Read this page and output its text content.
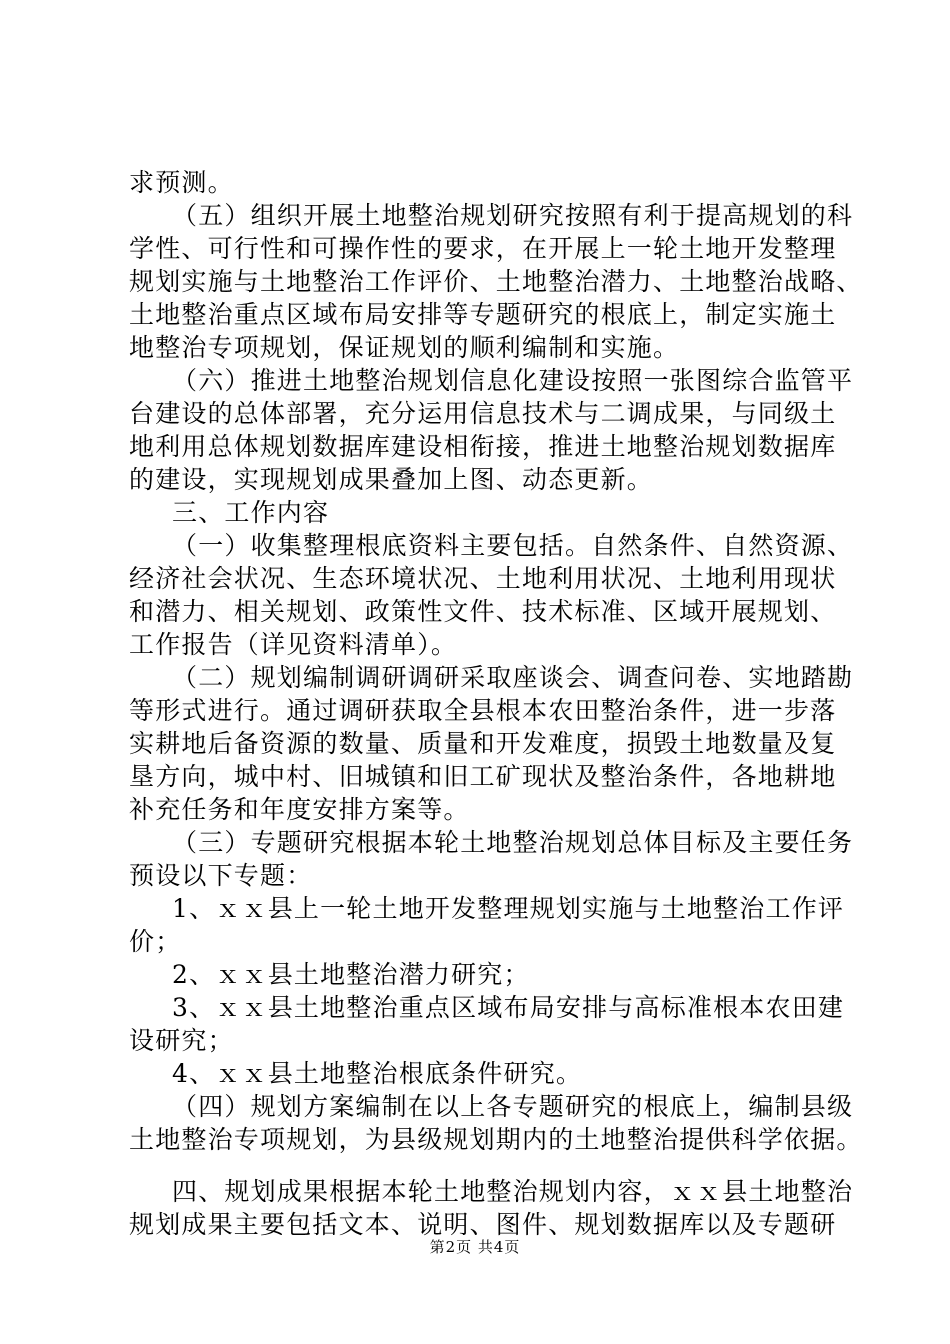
求预测。
（五）组织开展土地整治规划研究按照有利于提高规划的科
学性、可行性和可操作性的要求，在开展上一轮土地开发整理
规划实施与土地整治工作评价、土地整治潜力、土地整治战略、
土地整治重点区域布局安排等专题研究的根底上，制定实施土
地整治专项规划，保证规划的顺利编制和实施。
（六）推进土地整治规划信息化建设按照一张图综合监管平
台建设的总体部署，充分运用信息技术与二调成果，与同级土
地利用总体规划数据库建设相衔接，推进土地整治规划数据库
的建设，实现规划成果叠加上图、动态更新。
三、工作内容
（一）收集整理根底资料主要包括。自然条件、自然资源、
经济社会状况、生态环境状况、土地利用状况、土地利用现状
和潜力、相关规划、政策性文件、技术标准、区域开展规划、
工作报告（详见资料清单）。
（二）规划编制调研调研采取座谈会、调查问卷、实地踏勘
等形式进行。通过调研获取全县根本农田整治条件，进一步落
实耕地后备资源的数量、质量和开发难度，损毁土地数量及复
垦方向，城中村、旧城镇和旧工矿现状及整治条件，各地耕地
补充任务和年度安排方案等。
（三）专题研究根据本轮土地整治规划总体目标及主要任务
预设以下专题：
1、ｘｘ县上一轮土地开发整理规划实施与土地整治工作评
价；
2、ｘｘ县土地整治潜力研究；
3、ｘｘ县土地整治重点区域布局安排与高标准根本农田建
设研究；
4、ｘｘ县土地整治根底条件研究。
（四）规划方案编制在以上各专题研究的根底上，编制县级
土地整治专项规划，为县级规划期内的土地整治提供科学依据。
四、规划成果根据本轮土地整治规划内容，ｘｘ县土地整治
规划成果主要包括文本、说明、图件、规划数据库以及专题研
第2页 共4页
